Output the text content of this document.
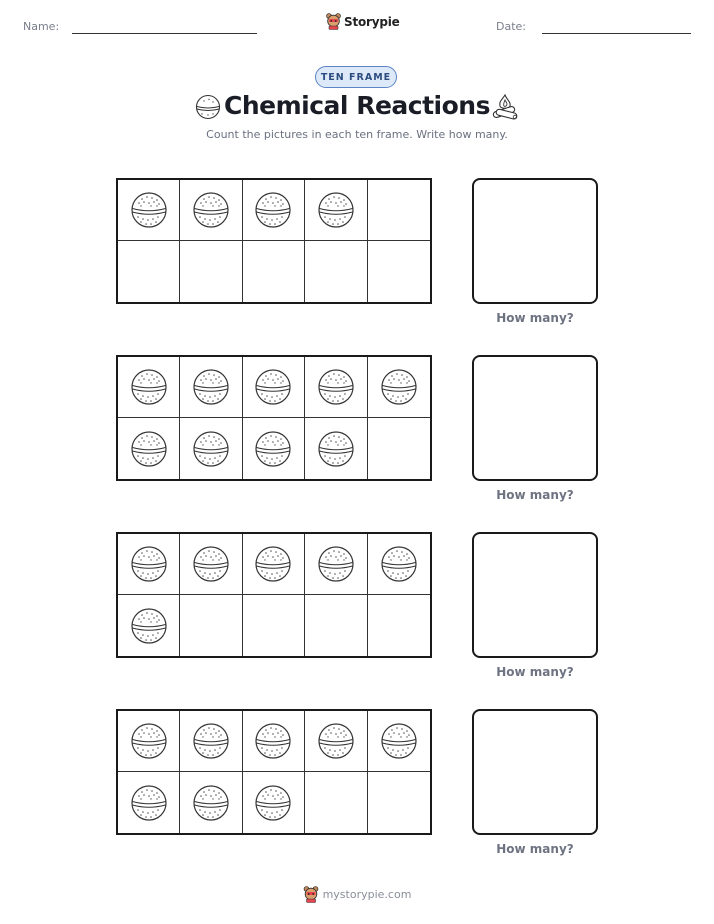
Name:	Storypie	Date:
TEN FRAME
Chemical Reactions
Count the pictures in each ten frame. Write how many.
How many?
How many?
How many?
How many?
mystorypie.com
